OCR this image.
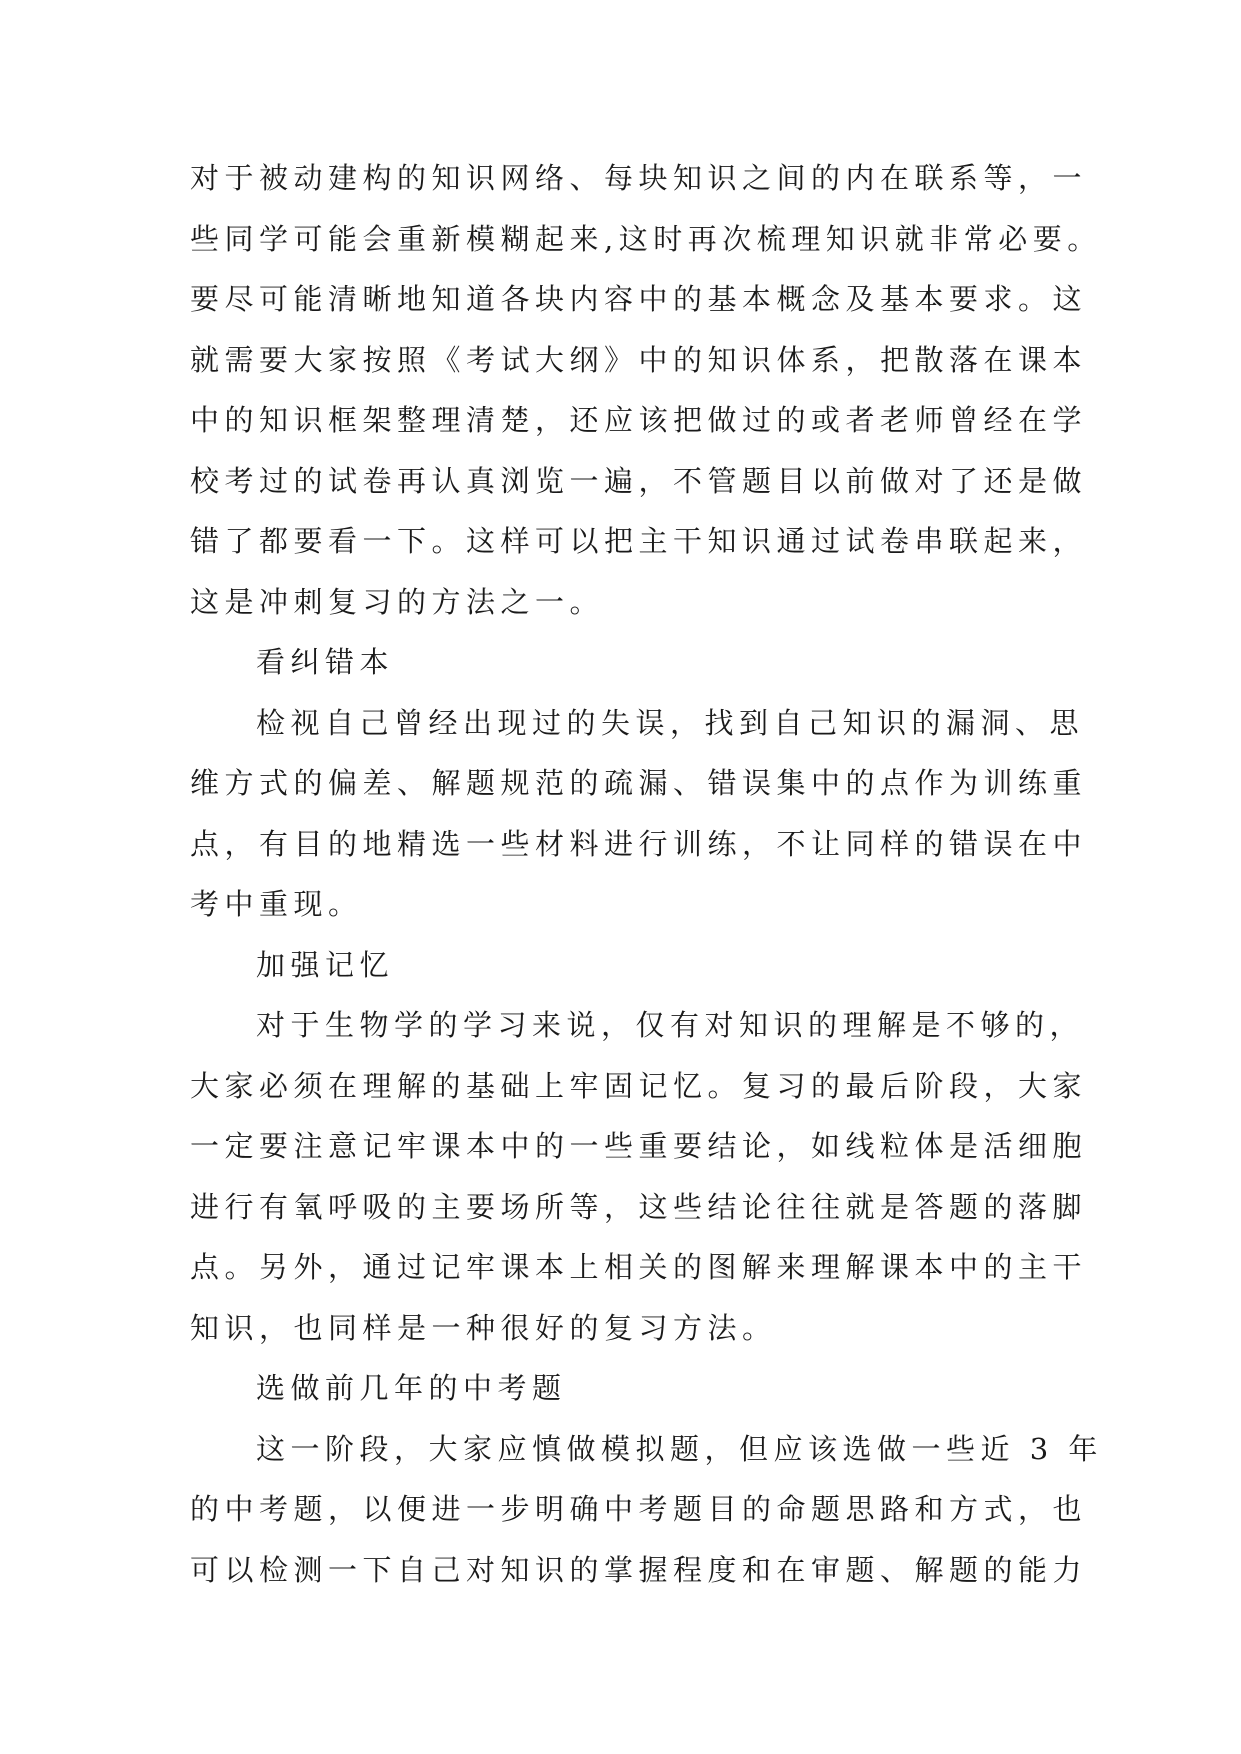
对于被动建构的知识网络、每块知识之间的内在联系等，一

些同学可能会重新模糊起来,这时再次梳理知识就非常必要。

要尽可能清晰地知道各块内容中的基本概念及基本要求。这

就需要大家按照《考试大纲》中的知识体系，把散落在课本

中的知识框架整理清楚，还应该把做过的或者老师曾经在学

校考过的试卷再认真浏览一遍，不管题目以前做对了还是做

错了都要看一下。这样可以把主干知识通过试卷串联起来，

这是冲刺复习的方法之一。

看纠错本

检视自己曾经出现过的失误，找到自己知识的漏洞、思

维方式的偏差、解题规范的疏漏、错误集中的点作为训练重

点，有目的地精选一些材料进行训练，不让同样的错误在中

考中重现。

加强记忆

对于生物学的学习来说，仅有对知识的理解是不够的，

大家必须在理解的基础上牢固记忆。复习的最后阶段，大家

一定要注意记牢课本中的一些重要结论，如线粒体是活细胞

进行有氧呼吸的主要场所等，这些结论往往就是答题的落脚

点。另外，通过记牢课本上相关的图解来理解课本中的主干

知识，也同样是一种很好的复习方法。

选做前几年的中考题

这一阶段，大家应慎做模拟题，但应该选做一些近 3 年

的中考题，以便进一步明确中考题目的命题思路和方式，也

可以检测一下自己对知识的掌握程度和在审题、解题的能力
